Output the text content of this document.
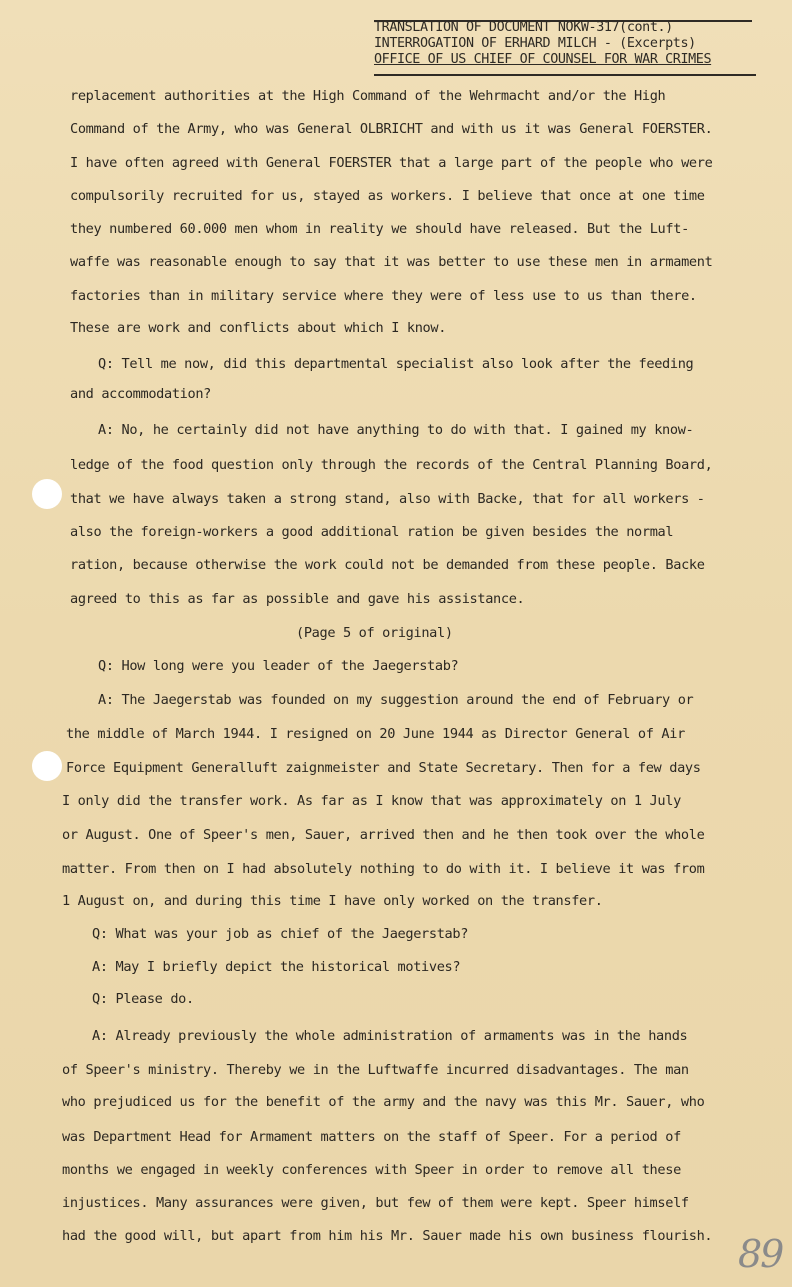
TRANSLATION OF DOCUMENT NOKW-317(cont.)
INTERROGATION OF ERHARD MILCH - (Excerpts)
OFFICE OF US CHIEF OF COUNSEL FOR WAR CRIMES
replacement authorities at the High Command of the Wehrmacht and/or the High
Command of the Army, who was General OLBRICHT and with us it was General FOERSTER.
I have often agreed with General FOERSTER that a large part of the people who were
compulsorily recruited for us, stayed as workers. I believe that once at one time
they numbered 60.000 men whom in reality we should have released. But the Luft-
waffe was reasonable enough to say that it was better to use these men in armament
factories than in military service where they were of less use to us than there.
These are work and conflicts about which I know.
Q: Tell me now, did this departmental specialist also look after the feeding
and accommodation?
A: No, he certainly did not have anything to do with that. I gained my know-
ledge of the food question only through the records of the Central Planning Board,
that we have always taken a strong stand, also with Backe, that for all workers -
also the foreign-workers a good additional ration be given besides the normal
ration, because otherwise the work could not be demanded from these people. Backe
agreed to this as far as possible and gave his assistance.
(Page 5 of original)
Q: How long were you leader of the Jaegerstab?
A: The Jaegerstab was founded on my suggestion around the end of February or
the middle of March 1944. I resigned on 20 June 1944 as Director General of Air
Force Equipment Generalluft zaignmeister and State Secretary. Then for a few days
I only did the transfer work. As far as I know that was approximately on 1 July
or August. One of Speer's men, Sauer, arrived then and he then took over the whole
matter. From then on I had absolutely nothing to do with it. I believe it was from
1 August on, and during this time I have only worked on the transfer.
Q: What was your job as chief of the Jaegerstab?
A: May I briefly depict the historical motives?
Q: Please do.
A: Already previously the whole administration of armaments was in the hands
of Speer's ministry. Thereby we in the Luftwaffe incurred disadvantages. The man
who prejudiced us for the benefit of the army and the navy was this Mr. Sauer, who
was Department Head for Armament matters on the staff of Speer. For a period of
months we engaged in weekly conferences with Speer in order to remove all these
injustices. Many assurances were given, but few of them were kept. Speer himself
had the good will, but apart from him his Mr. Sauer made his own business flourish. 89
